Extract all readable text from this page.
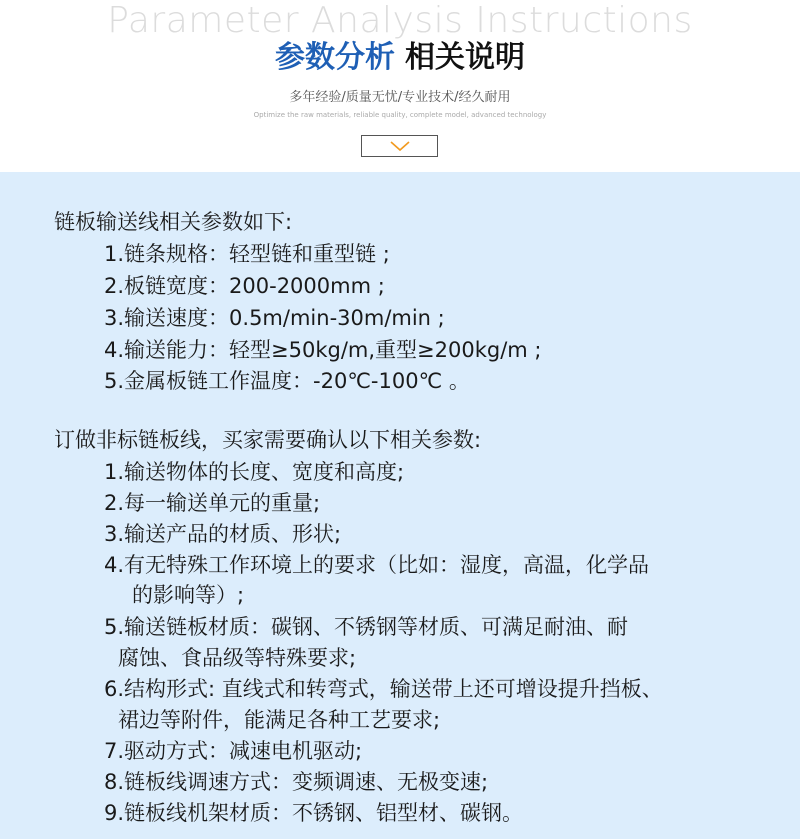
Parameter Analysis Instructions
参数分析 相关说明
多年经验/质量无忧/专业技术/经久耐用
Optimize the raw materials, reliable quality, complete model, advanced technology
链板输送线相关参数如下:
1.链条规格：轻型链和重型链 ;
2.板链宽度：200-2000mm ;
3.输送速度：0.5m/min-30m/min ;
4.输送能力：轻型≥50kg/m,重型≥200kg/m ;
5.金属板链工作温度：-20℃-100℃ 。
订做非标链板线，买家需要确认以下相关参数:
1.输送物体的长度、宽度和高度;
2.每一输送单元的重量;
3.输送产品的材质、形状;
4.有无特殊工作环境上的要求（比如：湿度，高温，化学品
的影响等）;
5.输送链板材质：碳钢、不锈钢等材质、可满足耐油、耐
腐蚀、食品级等特殊要求;
6.结构形式: 直线式和转弯式，输送带上还可增设提升挡板、
裙边等附件，能满足各种工艺要求;
7.驱动方式：减速电机驱动;
8.链板线调速方式：变频调速、无极变速;
9.链板线机架材质：不锈钢、铝型材、碳钢。
